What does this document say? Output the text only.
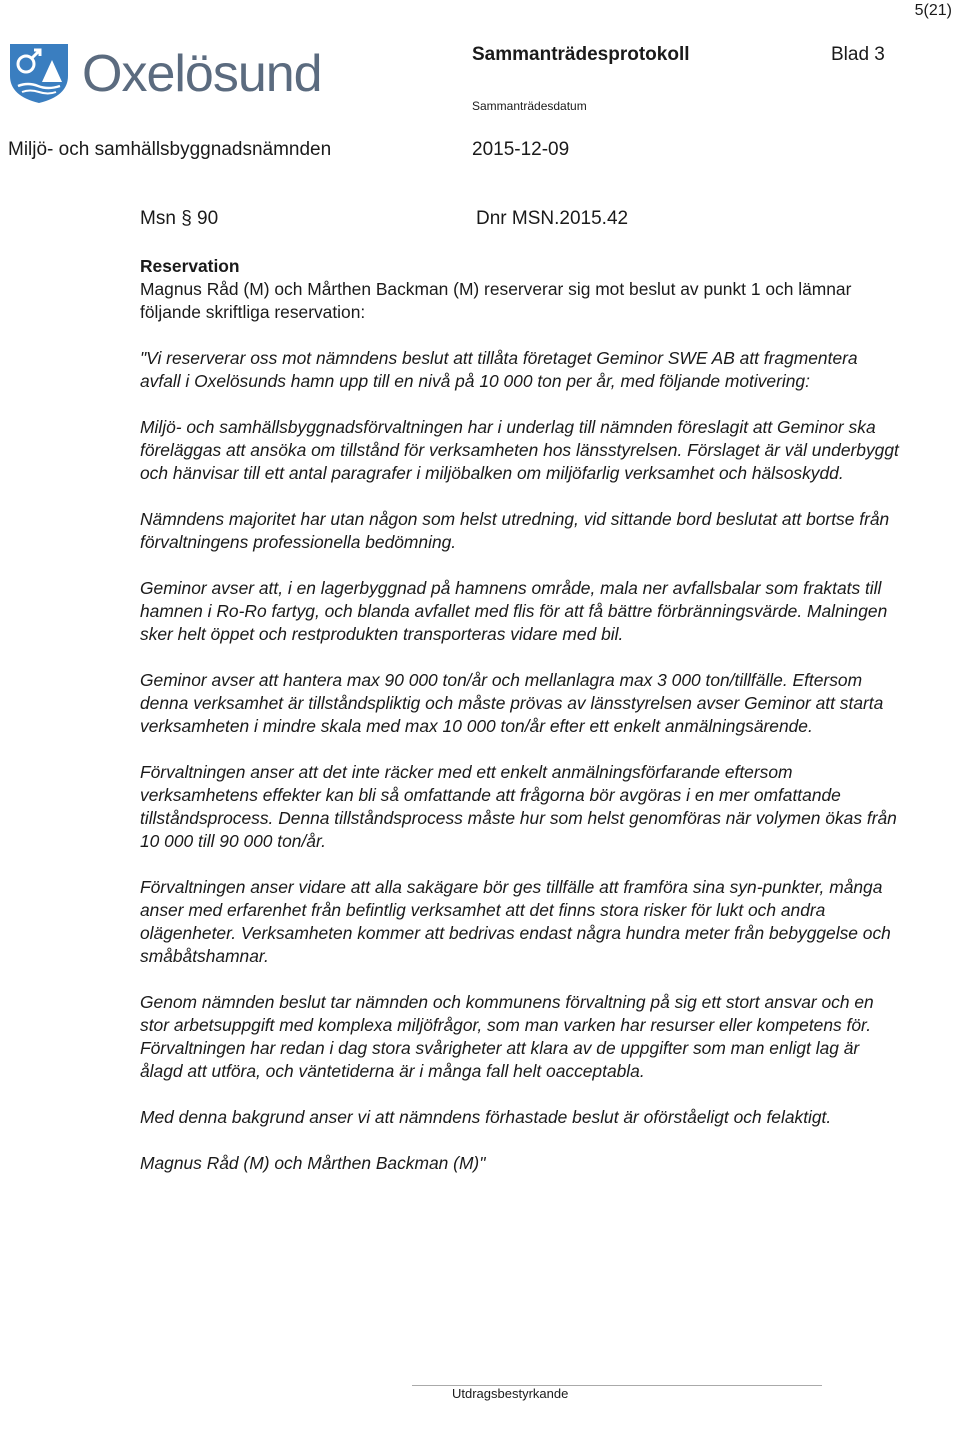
5(21)
Oxelösund	Sammanträdesprotokoll	Blad 3
Sammanträdesdatum
Miljö- och samhällsbyggnadsnämnden	2015-12-09
Msn § 90	Dnr MSN.2015.42

Reservation

Magnus Råd (M) och Mårthen Backman (M) reserverar sig mot beslut av punkt 1 och lämnar följande skriftliga reservation:

"Vi reserverar oss mot nämndens beslut att tillåta företaget Geminor SWE AB att fragmentera avfall i Oxelösunds hamn upp till en nivå på 10 000 ton per år, med följande motivering:

Miljö- och samhällsbyggnadsförvaltningen har i underlag till nämnden föreslagit att Geminor ska föreläggas att ansöka om tillstånd för verksamheten hos länsstyrelsen. Förslaget är väl underbyggt och hänvisar till ett antal paragrafer i miljöbalken om miljöfarlig verksamhet och hälsoskydd.

Nämndens majoritet har utan någon som helst utredning, vid sittande bord beslutat att bortse från förvaltningens professionella bedömning.

Geminor avser att, i en lagerbyggnad på hamnens område, mala ner avfallsbalar som fraktats till hamnen i Ro-Ro fartyg, och blanda avfallet med flis för att få bättre förbränningsvärde. Malningen sker helt öppet och restprodukten transporteras vidare med bil.

Geminor avser att hantera max 90 000 ton/år och mellanlagra max 3 000 ton/tillfälle. Eftersom denna verksamhet är tillståndspliktig och måste prövas av länsstyrelsen avser Geminor att starta verksamheten i mindre skala med max 10 000 ton/år efter ett enkelt anmälningsärende.

Förvaltningen anser att det inte räcker med ett enkelt anmälningsförfarande eftersom verksamhetens effekter kan bli så omfattande att frågorna bör avgöras i en mer omfattande tillståndsprocess. Denna tillståndsprocess måste hur som helst genomföras när volymen ökas från
10 000 till 90 000 ton/år.

Förvaltningen anser vidare att alla sakägare bör ges tillfälle att framföra sina syn-punkter, många anser med erfarenhet från befintlig verksamhet att det finns stora risker för lukt och andra olägenheter. Verksamheten kommer att bedrivas endast några hundra meter från bebyggelse och småbåtshamnar.

Genom nämnden beslut tar nämnden och kommunens förvaltning på sig ett stort ansvar och en stor arbetsuppgift med komplexa miljöfrågor, som man varken har resurser eller kompetens för. Förvaltningen har redan i dag stora svårigheter att klara av de uppgifter som man enligt lag är ålagd att utföra, och väntetiderna är i många fall helt oacceptabla.

Med denna bakgrund anser vi att nämndens förhastade beslut är oförståeligt och felaktigt.

Magnus Råd (M) och Mårthen Backman (M)"

Utdragsbestyrkande
